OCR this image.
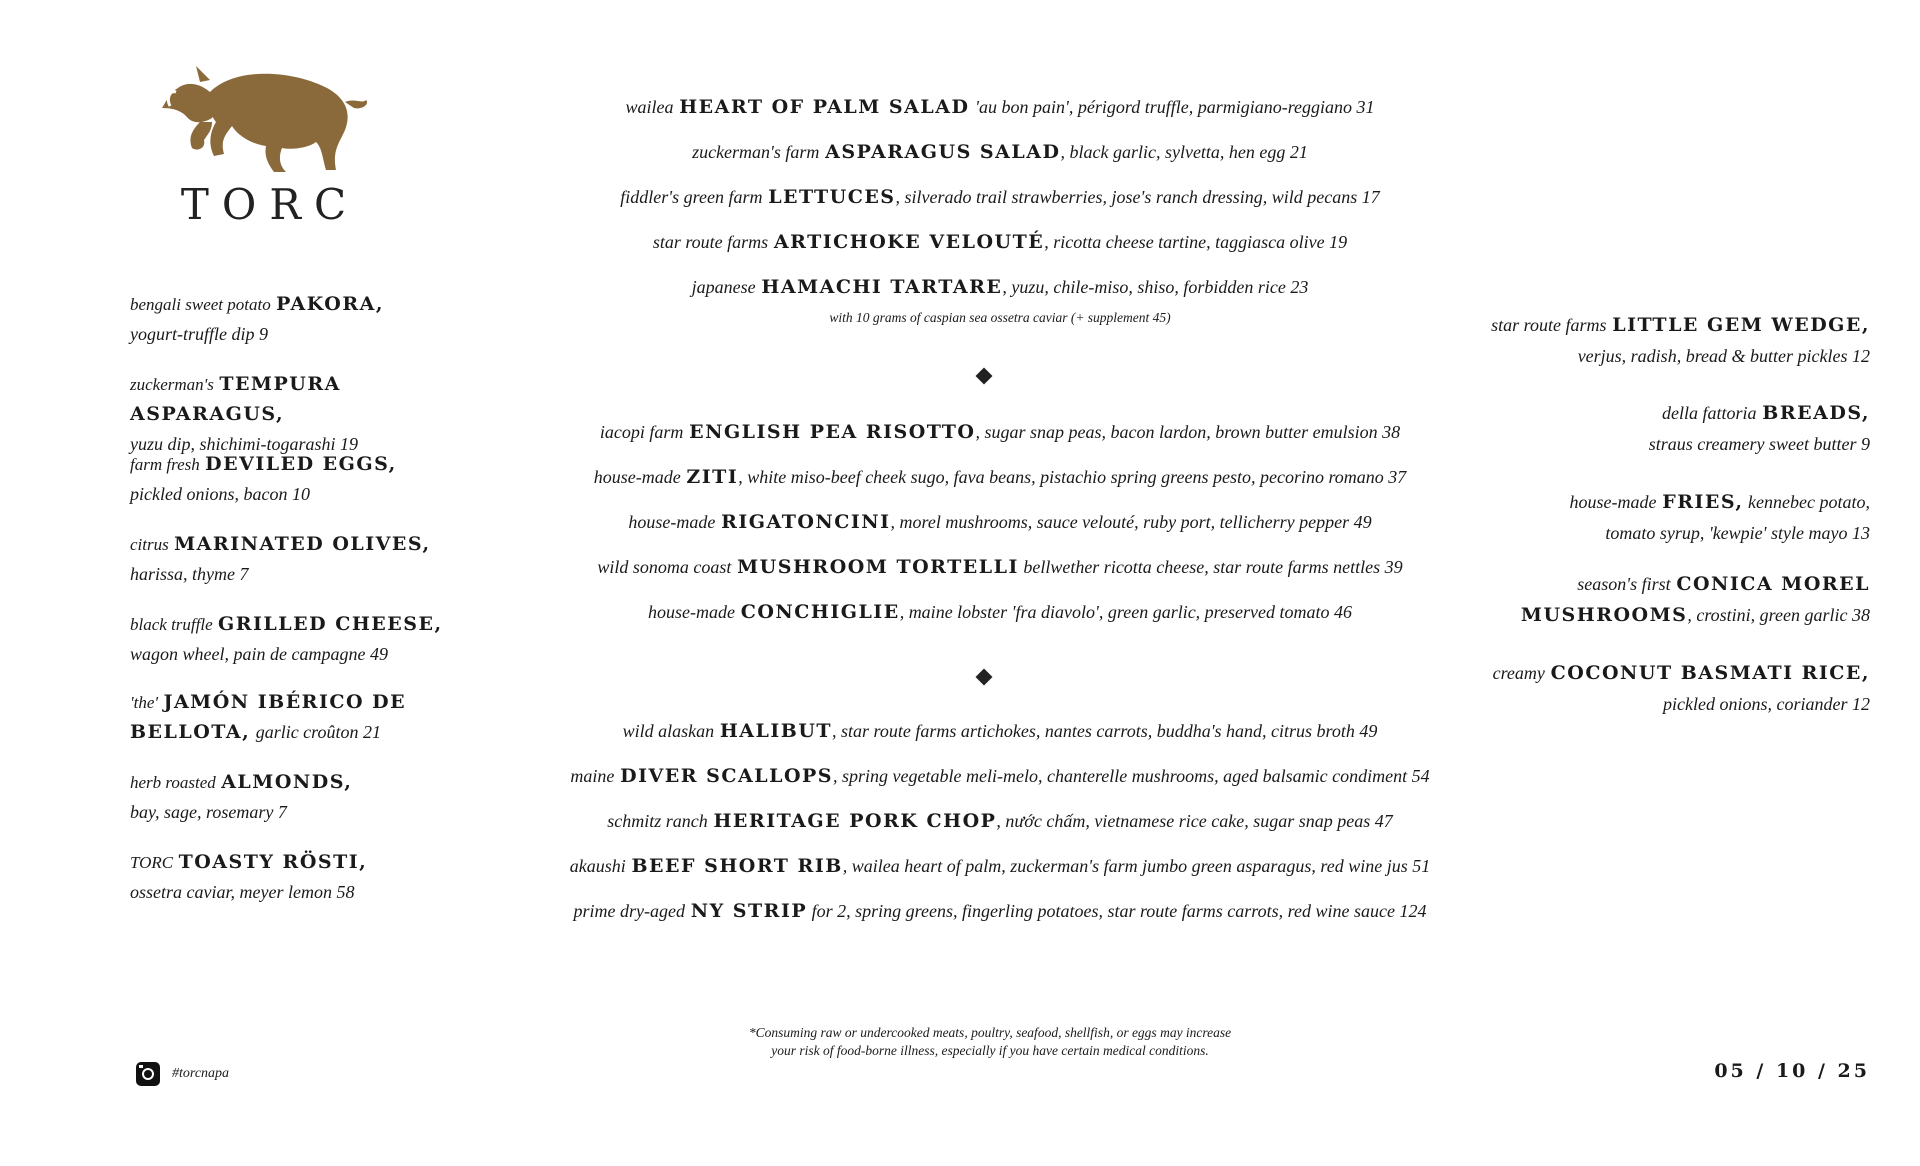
TORC
bengali sweet potato PAKORA,
yogurt-truffle dip 9
zuckerman's TEMPURA ASPARAGUS,
yuzu dip, shichimi-togarashi 19
farm fresh DEVILED EGGS,
pickled onions, bacon 10
citrus MARINATED OLIVES,
harissa, thyme 7
black truffle GRILLED CHEESE,
wagon wheel, pain de campagne 49
'the' JAMÓN IBÉRICO DE BELLOTA, garlic croûton 21
herb roasted ALMONDS,
bay, sage, rosemary 7
TORC TOASTY RÖSTI,
ossetra caviar, meyer lemon 58
wailea HEART OF PALM SALAD 'au bon pain', périgord truffle, parmigiano-reggiano 31
zuckerman's farm ASPARAGUS SALAD, black garlic, sylvetta, hen egg 21
fiddler's green farm LETTUCES, silverado trail strawberries, jose's ranch dressing, wild pecans 17
star route farms ARTICHOKE VELOUTÉ, ricotta cheese tartine, taggiasca olive 19
japanese HAMACHI TARTARE, yuzu, chile-miso, shiso, forbidden rice 23
with 10 grams of caspian sea ossetra caviar (+ supplement 45)
iacopi farm ENGLISH PEA RISOTTO, sugar snap peas, bacon lardon, brown butter emulsion 38
house-made ZITI, white miso-beef cheek sugo, fava beans, pistachio spring greens pesto, pecorino romano 37
house-made RIGATONCINI, morel mushrooms, sauce velouté, ruby port, tellicherry pepper 49
wild sonoma coast MUSHROOM TORTELLI bellwether ricotta cheese, star route farms nettles 39
house-made CONCHIGLIE, maine lobster 'fra diavolo', green garlic, preserved tomato 46
wild alaskan HALIBUT, star route farms artichokes, nantes carrots, buddha's hand, citrus broth 49
maine DIVER SCALLOPS, spring vegetable meli-melo, chanterelle mushrooms, aged balsamic condiment 54
schmitz ranch HERITAGE PORK CHOP, nước chấm, vietnamese rice cake, sugar snap peas 47
akaushi BEEF SHORT RIB, wailea heart of palm, zuckerman's farm jumbo green asparagus, red wine jus 51
prime dry-aged NY STRIP for 2, spring greens, fingerling potatoes, star route farms carrots, red wine sauce 124
star route farms LITTLE GEM WEDGE,
verjus, radish, bread & butter pickles 12
della fattoria BREADS,
straus creamery sweet butter 9
house-made FRIES, kennebec potato,
tomato syrup, 'kewpie' style mayo 13
season's first CONICA MOREL
MUSHROOMS, crostini, green garlic 38
creamy COCONUT BASMATI RICE,
pickled onions, coriander 12
*Consuming raw or undercooked meats, poultry, seafood, shellfish, or eggs may increase
your risk of food-borne illness, especially if you have certain medical conditions.
#torcnapa	05 / 10 / 25
